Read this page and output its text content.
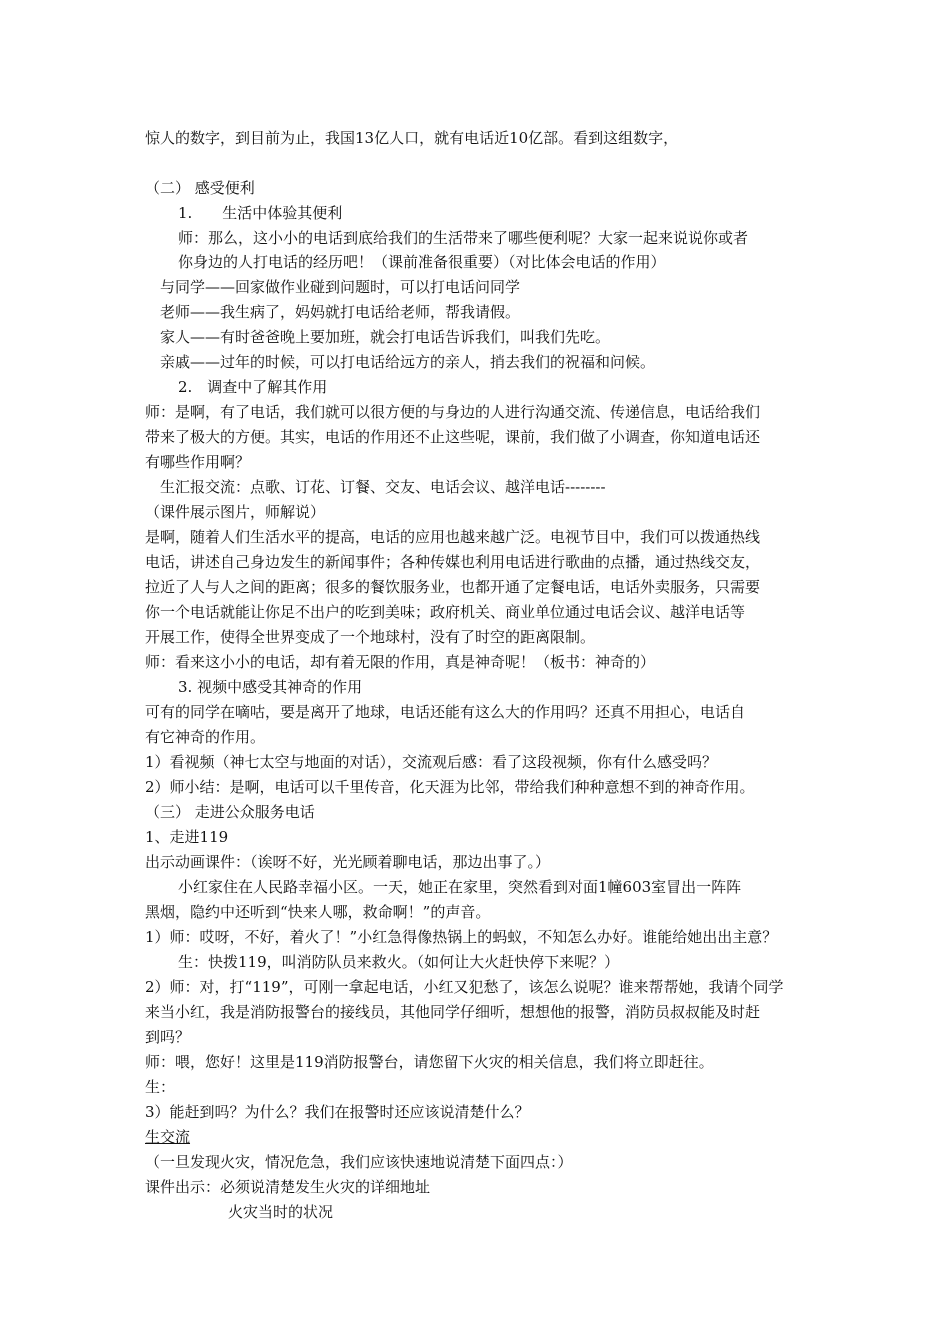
惊人的数字，到目前为止，我国13亿人口，就有电话近10亿部。看到这组数字，
（二） 感受便利
1.　　生活中体验其便利
师：那么，这小小的电话到底给我们的生活带来了哪些便利呢？大家一起来说说你或者
你身边的人打电话的经历吧！（课前准备很重要）（对比体会电话的作用）
与同学——回家做作业碰到问题时，可以打电话问同学
老师——我生病了，妈妈就打电话给老师，帮我请假。
家人——有时爸爸晚上要加班，就会打电话告诉我们，叫我们先吃。
亲戚——过年的时候，可以打电话给远方的亲人，捎去我们的祝福和问候。
2.　调查中了解其作用
师：是啊，有了电话，我们就可以很方便的与身边的人进行沟通交流、传递信息，电话给我们
带来了极大的方便。其实，电话的作用还不止这些呢，课前，我们做了小调查，你知道电话还
有哪些作用啊？
生汇报交流：点歌、订花、订餐、交友、电话会议、越洋电话--------
（课件展示图片，师解说）
是啊，随着人们生活水平的提高，电话的应用也越来越广泛。电视节目中，我们可以拨通热线
电话，讲述自己身边发生的新闻事件；各种传媒也利用电话进行歌曲的点播，通过热线交友，
拉近了人与人之间的距离；很多的餐饮服务业，也都开通了定餐电话，电话外卖服务，只需要
你一个电话就能让你足不出户的吃到美味；政府机关、商业单位通过电话会议、越洋电话等
开展工作，使得全世界变成了一个地球村，没有了时空的距离限制。
师：看来这小小的电话，却有着无限的作用，真是神奇呢！（板书：神奇的）
3. 视频中感受其神奇的作用
可有的同学在嘀咕，要是离开了地球，电话还能有这么大的作用吗？还真不用担心，电话自
有它神奇的作用。
1）看视频（神七太空与地面的对话），交流观后感：看了这段视频，你有什么感受吗？
2）师小结：是啊，电话可以千里传音，化天涯为比邻，带给我们种种意想不到的神奇作用。
（三） 走进公众服务电话
1、走进119
出示动画课件：（诶呀不好，光光顾着聊电话，那边出事了。）
小红家住在人民路幸福小区。一天，她正在家里，突然看到对面1幢603室冒出一阵阵
黑烟，隐约中还听到“快来人哪，救命啊！”的声音。
1）师：哎呀，不好，着火了！”小红急得像热锅上的蚂蚁，不知怎么办好。谁能给她出出主意？
生：快拨119，叫消防队员来救火。（如何让大火赶快停下来呢？）
2）师：对，打“119”，可刚一拿起电话，小红又犯愁了，该怎么说呢？谁来帮帮她，我请个同学
来当小红，我是消防报警台的接线员，其他同学仔细听，想想他的报警，消防员叔叔能及时赶
到吗？
师：喂，您好！这里是119消防报警台，请您留下火灾的相关信息，我们将立即赶往。
生：
3）能赶到吗？为什么？我们在报警时还应该说清楚什么？
生交流
（一旦发现火灾，情况危急，我们应该快速地说清楚下面四点：）
课件出示：必须说清楚发生火灾的详细地址
火灾当时的状况
